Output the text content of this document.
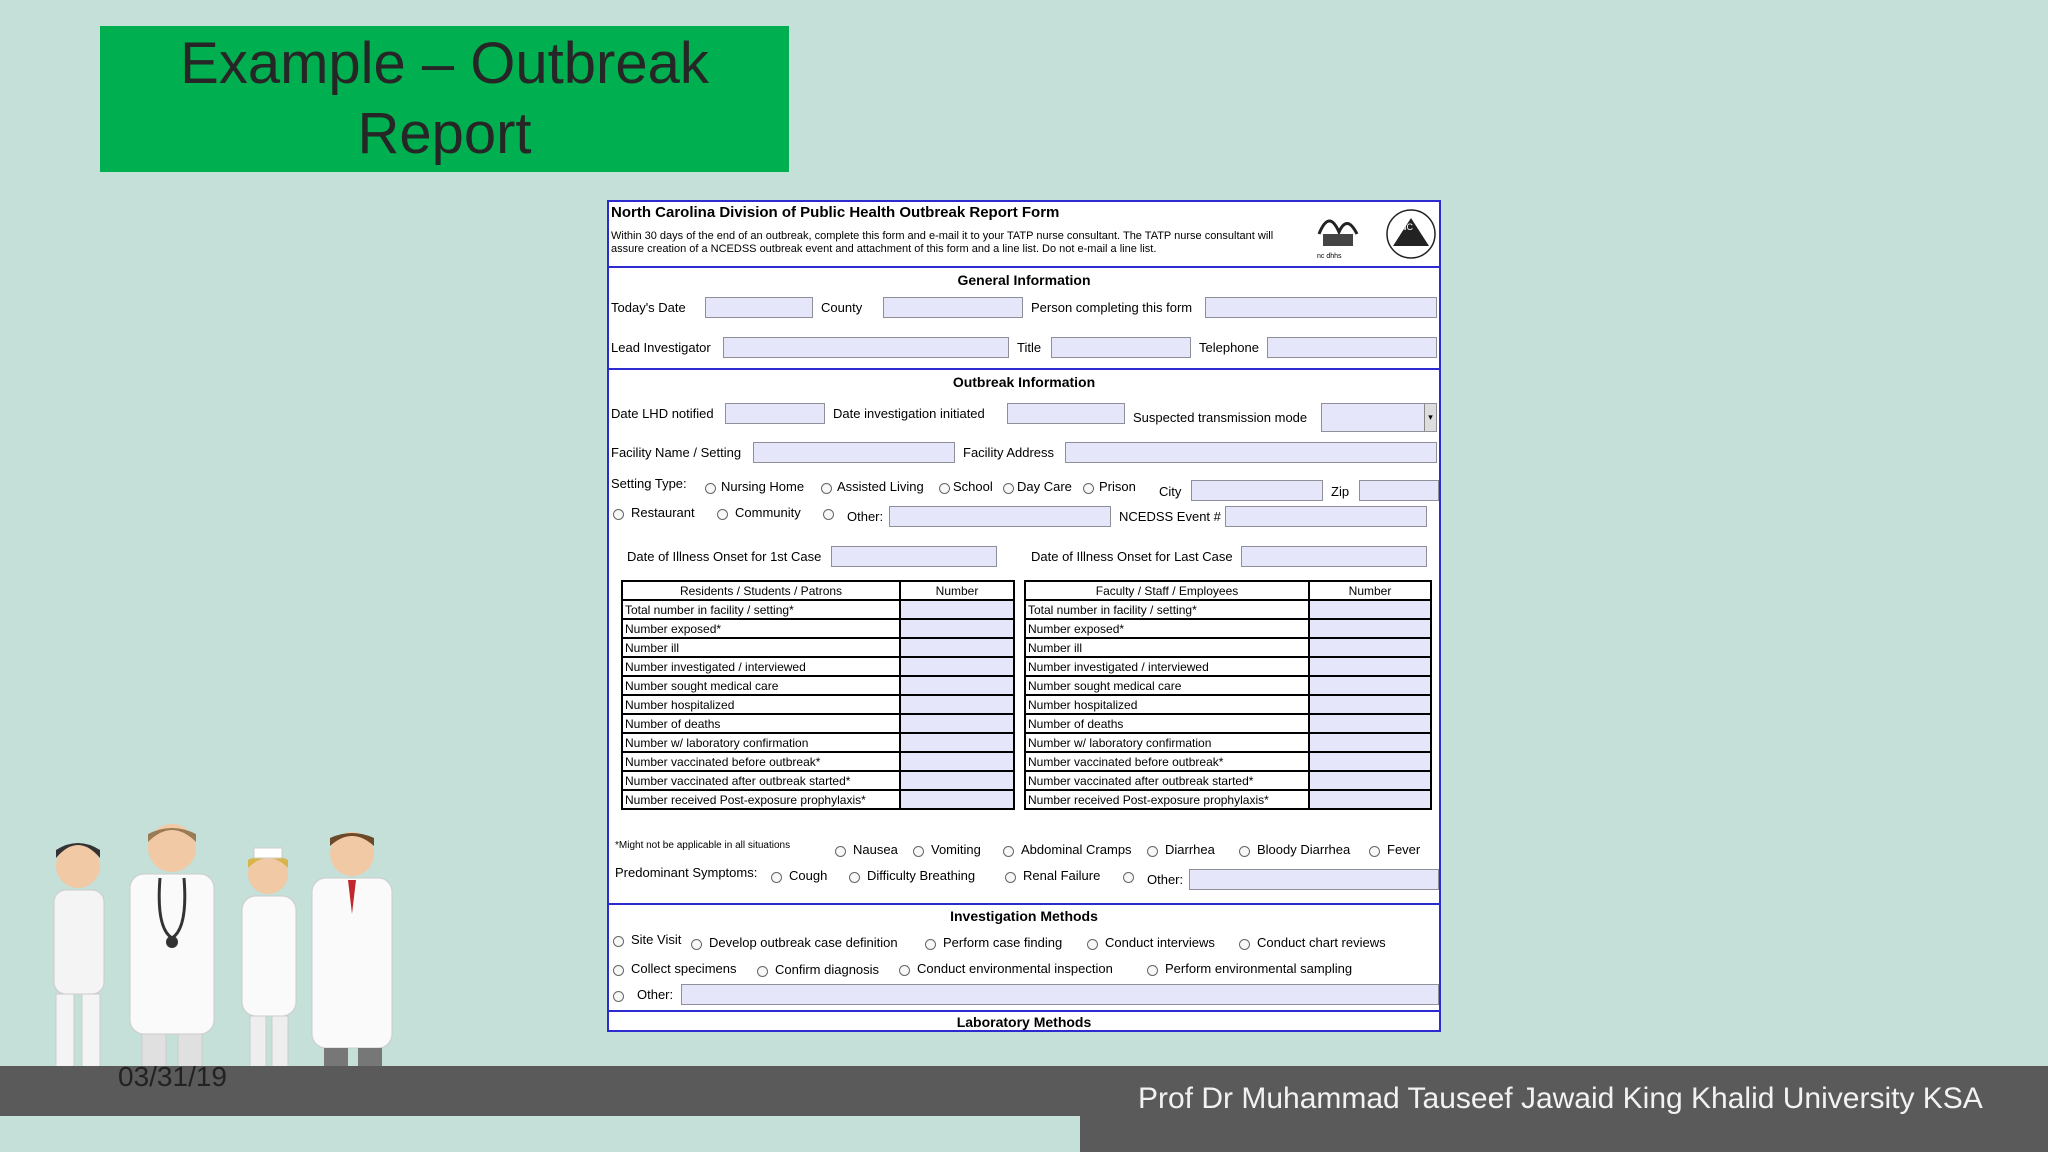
Example – Outbreak Report
North Carolina Division of Public Health Outbreak Report Form
Within 30 days of the end of an outbreak, complete this form and e-mail it to your TATP nurse consultant. The TATP nurse consultant will assure creation of a NCEDSS outbreak event and attachment of this form and a line list. Do not e-mail a line list.
nc dhhs
NC
General Information
Today's Date	County	Person completing this form
Lead Investigator	Title	Telephone
Outbreak Information
Date LHD notified	Date investigation initiated	Suspected transmission mode	▾
Facility Name / Setting	Facility Address
Setting Type:	Nursing Home	Assisted Living School Day Care Prison City	Zip
Restaurant	Community	Other:	NCEDSS Event #
Date of Illness Onset for 1st Case	Date of Illness Onset for Last Case
Residents / Students / Patrons	Number
Total number in facility / setting*	
Number exposed*	
Number ill	
Number investigated / interviewed	
Number sought medical care	
Number hospitalized	
Number of deaths	
Number w/ laboratory confirmation	
Number vaccinated before outbreak*	
Number vaccinated after outbreak started*	
Number received Post-exposure prophylaxis*	
Faculty / Staff / Employees	Number
Total number in facility / setting*	
Number exposed*	
Number ill	
Number investigated / interviewed	
Number sought medical care	
Number hospitalized	
Number of deaths	
Number w/ laboratory confirmation	
Number vaccinated before outbreak*	
Number vaccinated after outbreak started*	
Number received Post-exposure prophylaxis*	
*Might not be applicable in all situations	Nausea	Vomiting	Abdominal Cramps	Diarrhea	Bloody Diarrhea	Fever
Predominant Symptoms: Cough	Difficulty Breathing	Renal Failure	Other:
Investigation Methods
Site Visit Develop outbreak case definition	Perform case finding	Conduct interviews	Conduct chart reviews
Collect specimens	Confirm diagnosis	Conduct environmental inspection	Perform environmental sampling
Other:
Laboratory Methods
03/31/19
Prof Dr Muhammad Tauseef Jawaid King Khalid University KSA
